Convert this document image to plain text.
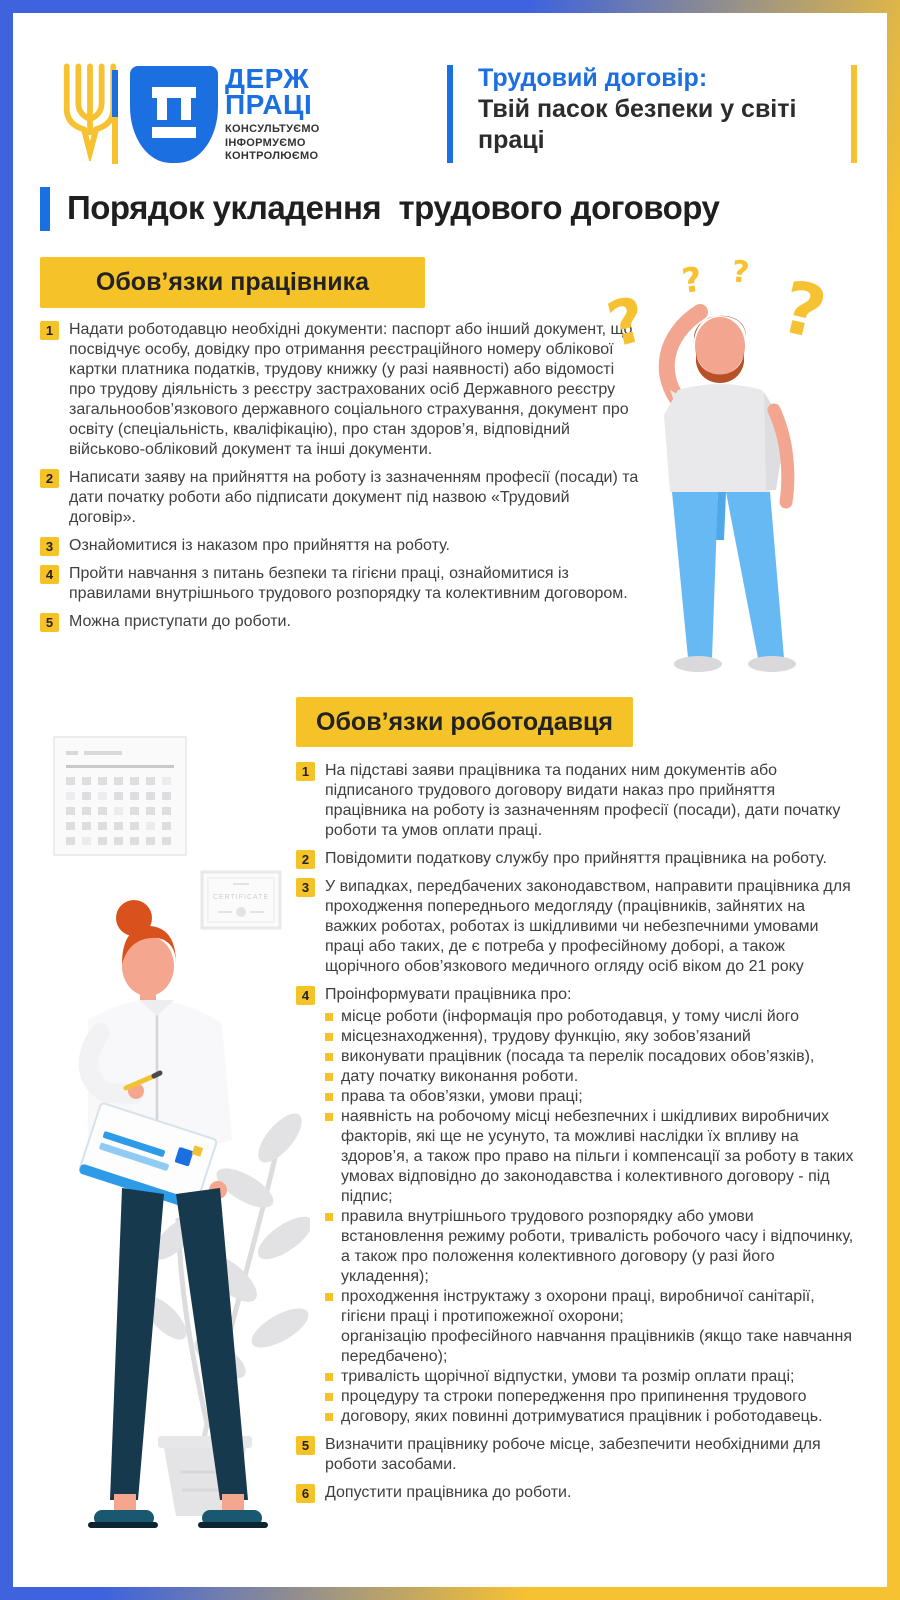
ДЕРЖ
ПРАЦІ
КОНСУЛЬТУЄМО
ІНФОРМУЄМО
КОНТРОЛЮЄМО
Трудовий договір:
Твій пасок безпеки у світі праці
Порядок укладення  трудового договору
Обов’язки працівника
1 Надати роботодавцю необхідні документи: паспорт або інший документ, що посвідчує особу, довідку про отримання реєстраційного номеру облікової картки платника податків, трудову книжку (у разі наявності) або відомості про трудову діяльність з реєстру застрахованих осіб Державного реєстру загальнообов’язкового державного соціального страхування, документ про освіту (спеціальність, кваліфікацію), про стан здоров’я, відповідний військово-обліковий документ та інші документи.
2 Написати заяву на прийняття на роботу із зазначенням професії (посади) та дати початку роботи або підписати документ під назвою «Трудовий договір».
3 Ознайомитися із наказом про прийняття на роботу.
4 Пройти навчання з питань безпеки та гігієни праці, ознайомитися із правилами внутрішнього трудового розпорядку та колективним договором.
5 Можна приступати до роботи.
?
? ? ?
Обов’язки роботодавця
1 На підставі заяви працівника та поданих ним документів або підписаного трудового договору видати наказ про прийняття працівника на роботу із зазначенням професії (посади), дати початку роботи та умов оплати праці.
2 Повідомити податкову службу про прийняття працівника на роботу.
3 У випадках, передбачених законодавством, направити працівника для проходження попереднього медогляду (працівників, зайнятих на важких роботах, роботах із шкідливими чи небезпечними умовами праці або таких, де є потреба у професійному доборі, а також щорічного обов’язкового медичного огляду осіб віком до 21 року
4 Проінформувати працівника про:
місце роботи (інформація про роботодавця, у тому числі його
місцезнаходження), трудову функцію, яку зобов’язаний
виконувати працівник (посада та перелік посадових обов’язків),
дату початку виконання роботи.
права та обов’язки, умови праці;
наявність на робочому місці небезпечних і шкідливих виробничих факторів, які ще не усунуто, та можливі наслідки їх впливу на здоров’я, а також про право на пільги і компенсації за роботу в таких умовах відповідно до законодавства і колективного договору - під підпис;
правила внутрішнього трудового розпорядку або умови встановлення режиму роботи, тривалість робочого часу і відпочинку, а також про положення колективного договору (у разі його укладення);
проходження інструктажу з охорони праці, виробничої санітарії, гігієни праці і протипожежної охорони;
організацію професійного навчання працівників (якщо таке навчання передбачено);
тривалість щорічної відпустки, умови та розмір оплати праці;
процедуру та строки попередження про припинення трудового
договору, яких повинні дотримуватися працівник і роботодавець.
5 Визначити працівнику робоче місце, забезпечити необхідними для роботи засобами.
6 Допустити працівника до роботи.
CERTIFICATE
